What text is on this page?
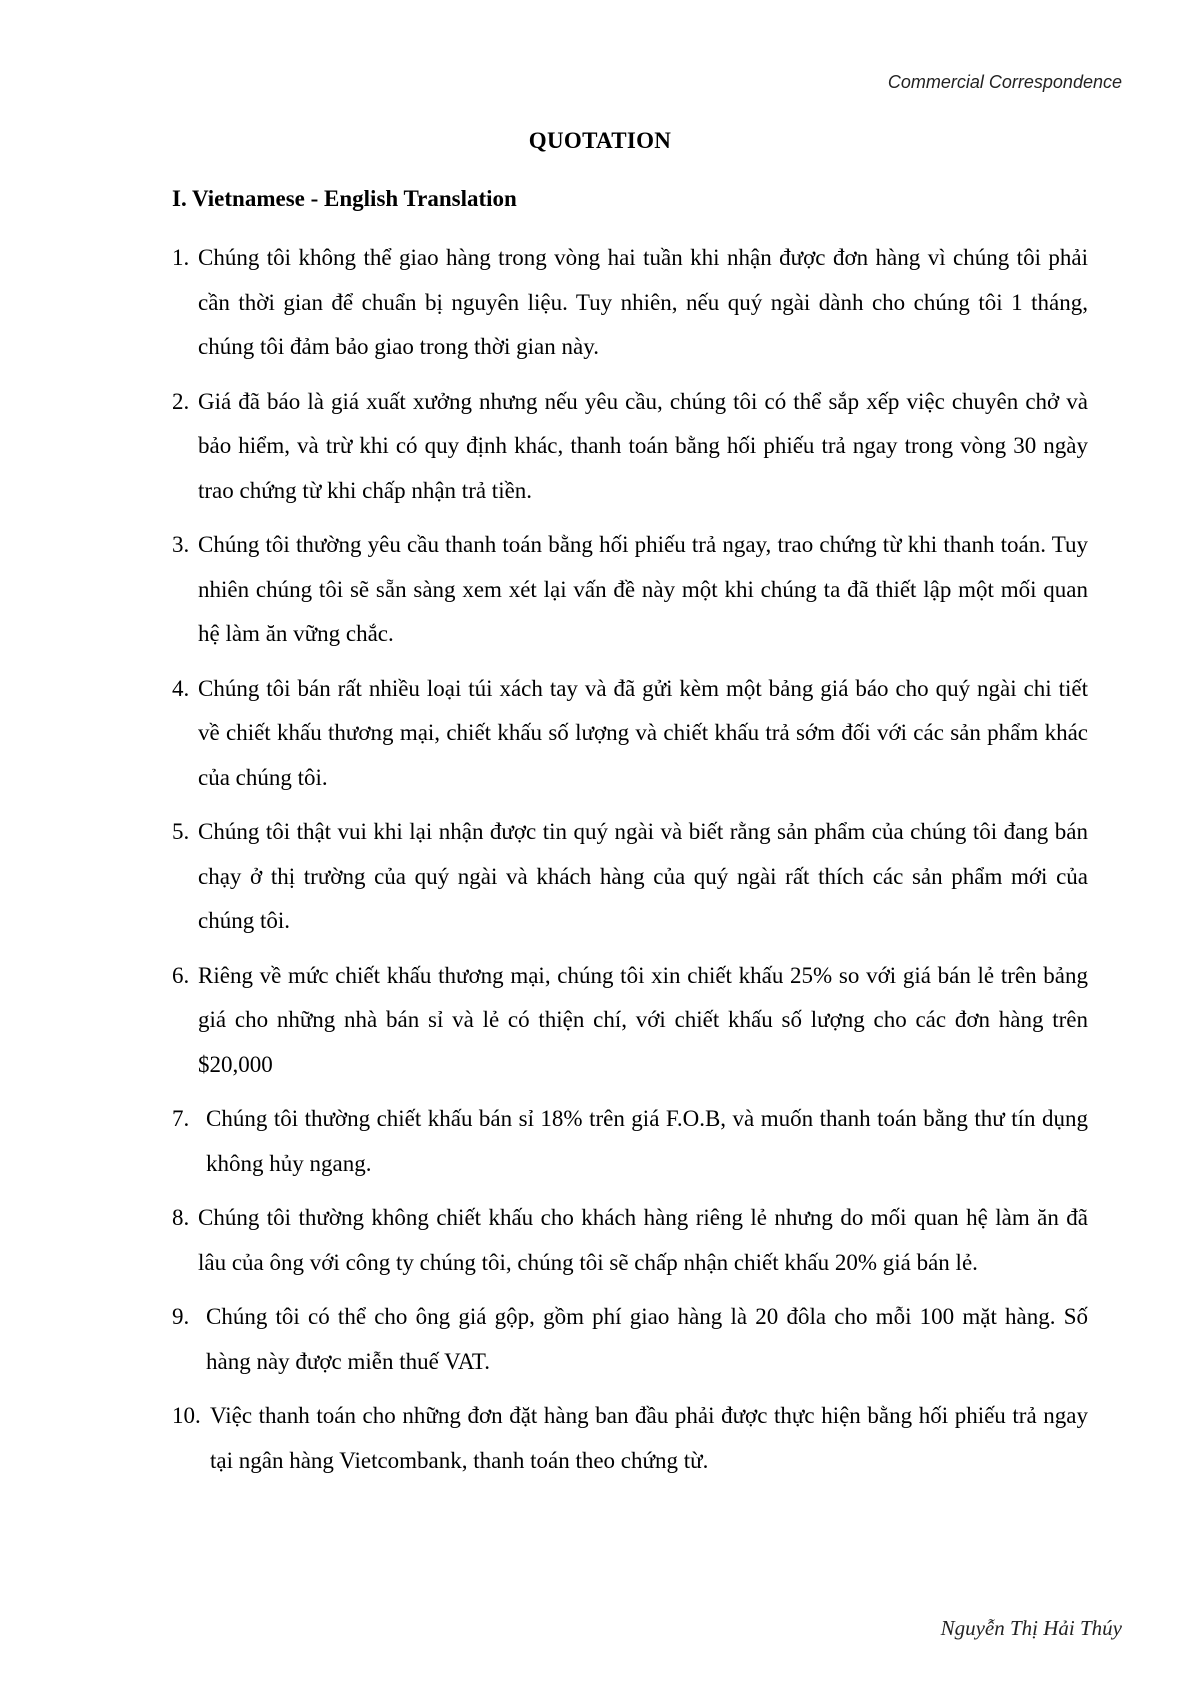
Commercial Correspondence
QUOTATION
I. Vietnamese - English Translation
1. Chúng tôi không thể giao hàng trong vòng hai tuần khi nhận được đơn hàng vì chúng tôi phải cần thời gian để chuẩn bị nguyên liệu. Tuy nhiên, nếu quý ngài dành cho chúng tôi 1 tháng, chúng tôi đảm bảo giao trong thời gian này.
2. Giá đã báo là giá xuất xưởng nhưng nếu yêu cầu, chúng tôi có thể sắp xếp việc chuyên chở và bảo hiểm, và trừ khi có quy định khác, thanh toán bằng hối phiếu trả ngay trong vòng 30 ngày trao chứng từ khi chấp nhận trả tiền.
3. Chúng tôi thường yêu cầu thanh toán bằng hối phiếu trả ngay, trao chứng từ khi thanh toán. Tuy nhiên chúng tôi sẽ sẵn sàng xem xét lại vấn đề này một khi chúng ta đã thiết lập một mối quan hệ làm ăn vững chắc.
4. Chúng tôi bán rất nhiều loại túi xách tay và đã gửi kèm một bảng giá báo cho quý ngài chi tiết về chiết khấu thương mại, chiết khấu số lượng và chiết khấu trả sớm đối với các sản phẩm khác của chúng tôi.
5. Chúng tôi thật vui khi lại nhận được tin quý ngài và biết rằng sản phẩm của chúng tôi đang bán chạy ở thị trường của quý ngài và khách hàng của quý ngài rất thích các sản phẩm mới của chúng tôi.
6. Riêng về mức chiết khấu thương mại, chúng tôi xin chiết khấu 25% so với giá bán lẻ trên bảng giá cho những nhà bán sỉ và lẻ có thiện chí, với chiết khấu số lượng cho các đơn hàng trên $20,000
7. Chúng tôi thường chiết khấu bán sỉ 18% trên giá F.O.B, và muốn thanh toán bằng thư tín dụng không hủy ngang.
8. Chúng tôi thường không chiết khấu cho khách hàng riêng lẻ nhưng do mối quan hệ làm ăn đã lâu của ông với công ty chúng tôi, chúng tôi sẽ chấp nhận chiết khấu 20% giá bán lẻ.
9. Chúng tôi có thể cho ông giá gộp, gồm phí giao hàng là 20 đôla cho mỗi 100 mặt hàng. Số hàng này được miễn thuế VAT.
10. Việc thanh toán cho những đơn đặt hàng ban đầu phải được thực hiện bằng hối phiếu trả ngay tại ngân hàng Vietcombank, thanh toán theo chứng từ.
Nguyễn Thị Hải Thúy
